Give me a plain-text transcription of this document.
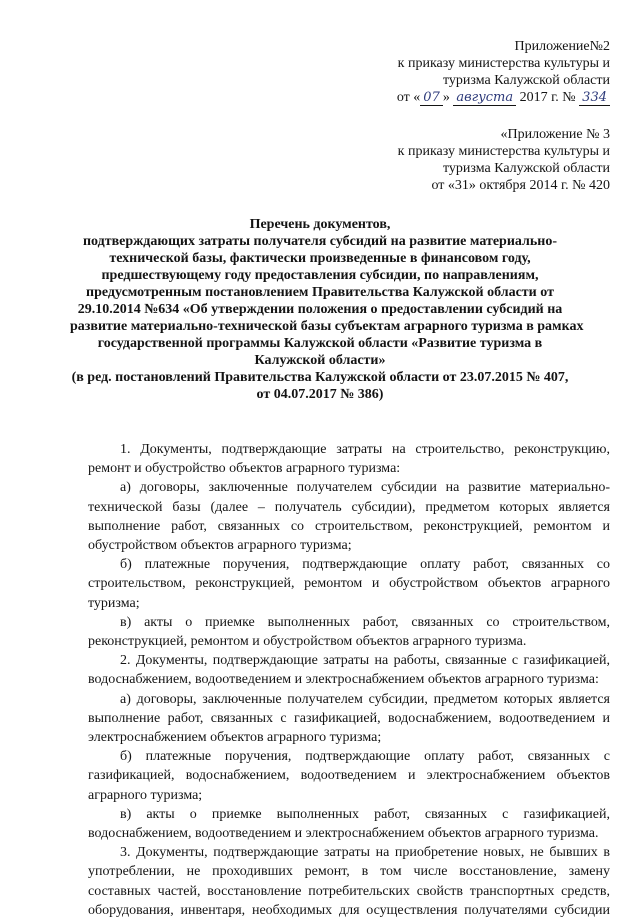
Приложение№2
к приказу министерства культуры и
туризма Калужской области
от « 07 » августа 2017 г. № 334
«Приложение № 3
к приказу министерства культуры и
туризма Калужской области
от «31» октября 2014 г. № 420
Перечень документов,
подтверждающих затраты получателя субсидий на развитие материально-
технической базы, фактически произведенные в финансовом году,
предшествующему году предоставления субсидии, по направлениям,
предусмотренным постановлением Правительства Калужской области от
29.10.2014 №634 «Об утверждении положения о предоставлении субсидий на
развитие материально-технической базы субъектам аграрного туризма в рамках
государственной программы Калужской области «Развитие туризма в
Калужской области»
(в ред. постановлений Правительства Калужской области от 23.07.2015 № 407,
от 04.07.2017 № 386)
1. Документы, подтверждающие затраты на строительство, реконструкцию,
ремонт и обустройство объектов аграрного туризма:
а) договоры, заключенные получателем субсидии на развитие материально-
технической базы (далее – получатель субсидии), предметом которых является
выполнение работ, связанных со строительством, реконструкцией, ремонтом и
обустройством объектов аграрного туризма;
б) платежные поручения, подтверждающие оплату работ, связанных со
строительством, реконструкцией, ремонтом и обустройством объектов аграрного
туризма;
в) акты о приемке выполненных работ, связанных со строительством,
реконструкцией, ремонтом и обустройством объектов аграрного туризма.
2. Документы, подтверждающие затраты на работы, связанные с газификацией,
водоснабжением, водоотведением и электроснабжением объектов аграрного туризма:
а) договоры, заключенные получателем субсидии, предметом которых является
выполнение работ, связанных с газификацией, водоснабжением, водоотведением и
электроснабжением объектов аграрного туризма;
б) платежные поручения, подтверждающие оплату работ, связанных с
газификацией, водоснабжением, водоотведением и электроснабжением объектов
аграрного туризма;
в) акты о приемке выполненных работ, связанных с газификацией,
водоснабжением, водоотведением и электроснабжением объектов аграрного туризма.
3. Документы, подтверждающие затраты на приобретение новых, не бывших в
употреблении, не проходивших ремонт, в том числе восстановление, замену
составных частей, восстановление потребительских свойств транспортных средств,
оборудования, инвентаря, необходимых для осуществления получателями субсидии
